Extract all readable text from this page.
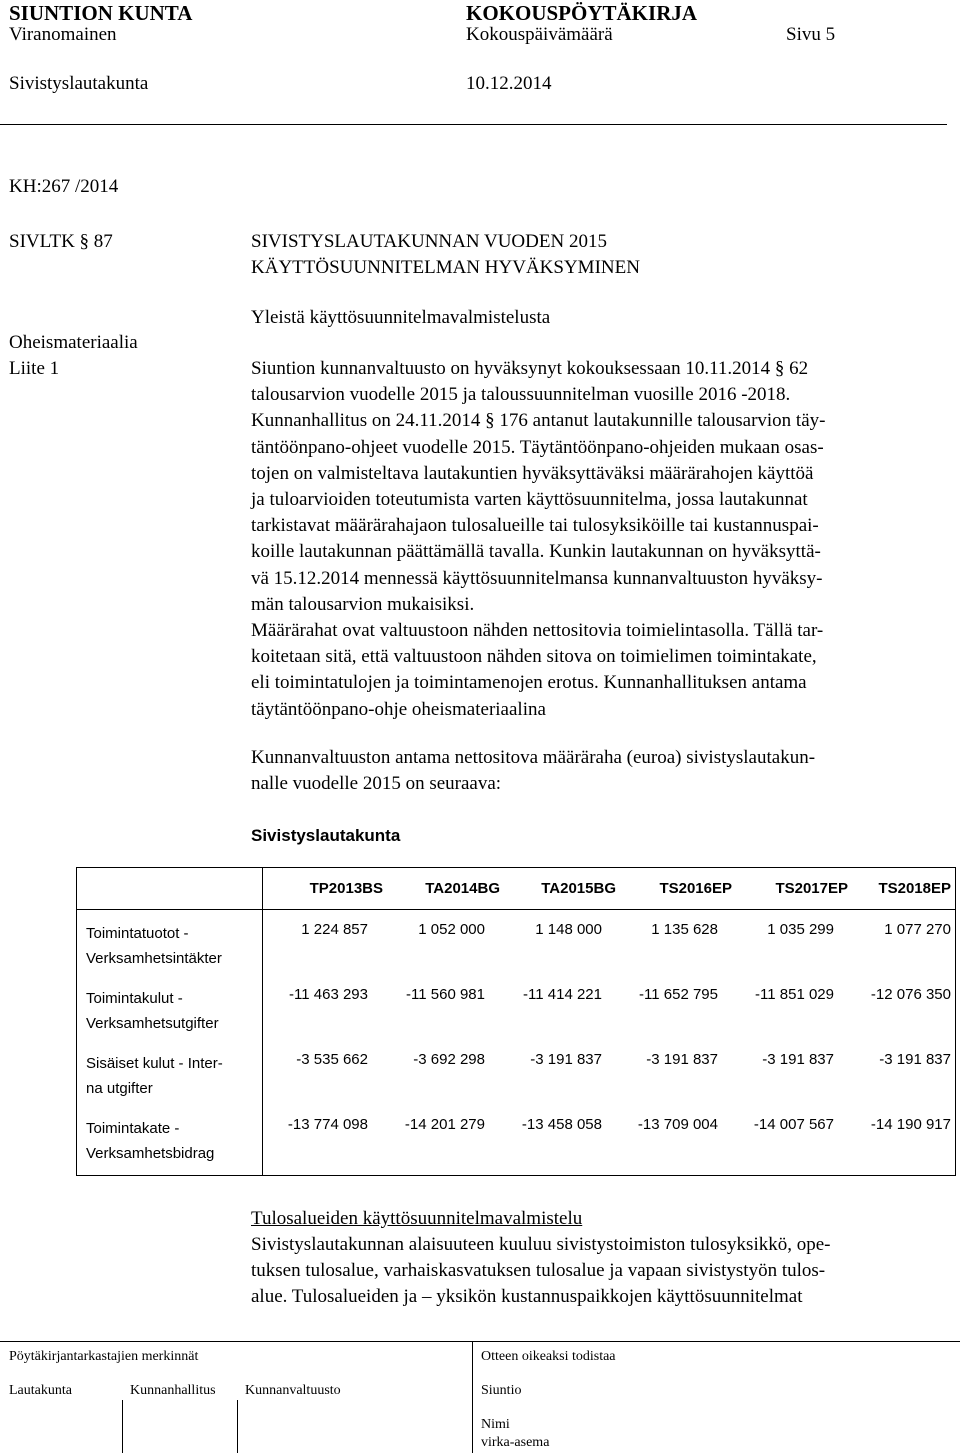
SIUNTION KUNTA	KOKOUSPÖYTÄKIRJA
Viranomainen	Kokouspäivämäärä	Sivu 5
Sivistyslautakunta	10.12.2014
KH:267 /2014
SIVLTK § 87	SIVISTYSLAUTAKUNNAN VUODEN 2015
KÄYTTÖSUUNNITELMAN HYVÄKSYMINEN
Yleistä käyttösuunnitelmavalmistelusta
Oheismateriaalia
Liite 1	Siuntion kunnanvaltuusto on hyväksynyt kokouksessaan 10.11.2014 § 62
talousarvion vuodelle 2015 ja taloussuunnitelman vuosille 2016 -2018.
Kunnanhallitus on 24.11.2014 § 176 antanut lautakunnille talousarvion täy-
täntöönpano-ohjeet vuodelle 2015. Täytäntöönpano-ohjeiden mukaan osas-
tojen on valmisteltava lautakuntien hyväksyttäväksi määrärahojen käyttöä
ja tuloarvioiden toteutumista varten käyttösuunnitelma, jossa lautakunnat
tarkistavat määrärahajaon tulosalueille tai tulosyksiköille tai kustannuspai-
koille lautakunnan päättämällä tavalla. Kunkin lautakunnan on hyväksyttä-
vä 15.12.2014 mennessä käyttösuunnitelmansa kunnanvaltuuston hyväksy-
män talousarvion mukaisiksi.
Määrärahat ovat valtuustoon nähden nettositovia toimielintasolla. Tällä tar-
koitetaan sitä, että valtuustoon nähden sitova on toimielimen toimintakate,
eli toimintatulojen ja toimintamenojen erotus. Kunnanhallituksen antama
täytäntöönpano-ohje oheismateriaalina
Kunnanvaltuuston antama nettositova määräraha (euroa) sivistyslautakun-
nalle vuodelle 2015 on seuraava:
Sivistyslautakunta
TP2013BS	TA2014BG	TA2015BG	TS2016EP	TS2017EP	TS2018EP
Toimintatuotot -
Verksamhetsintäkter
1 224 857	1 052 000	1 148 000	1 135 628	1 035 299	1 077 270
Toimintakulut -
Verksamhetsutgifter
-11 463 293	-11 560 981	-11 414 221	-11 652 795	-11 851 029	-12 076 350
Sisäiset kulut - Inter-
na utgifter
-3 535 662	-3 692 298	-3 191 837	-3 191 837	-3 191 837	-3 191 837
Toimintakate -
Verksamhetsbidrag
-13 774 098	-14 201 279	-13 458 058	-13 709 004	-14 007 567	-14 190 917
Tulosalueiden käyttösuunnitelmavalmistelu
Sivistyslautakunnan alaisuuteen kuuluu sivistystoimiston tulosyksikkö, ope-
tuksen tulosalue, varhaiskasvatuksen tulosalue ja vapaan sivistystyön tulos-
alue. Tulosalueiden ja – yksikön kustannuspaikkojen käyttösuunnitelmat
Pöytäkirjantarkastajien merkinnät	Otteen oikeaksi todistaa
Lautakunta	Kunnanhallitus Kunnanvaltuusto	Siuntio
Nimi
virka-asema
